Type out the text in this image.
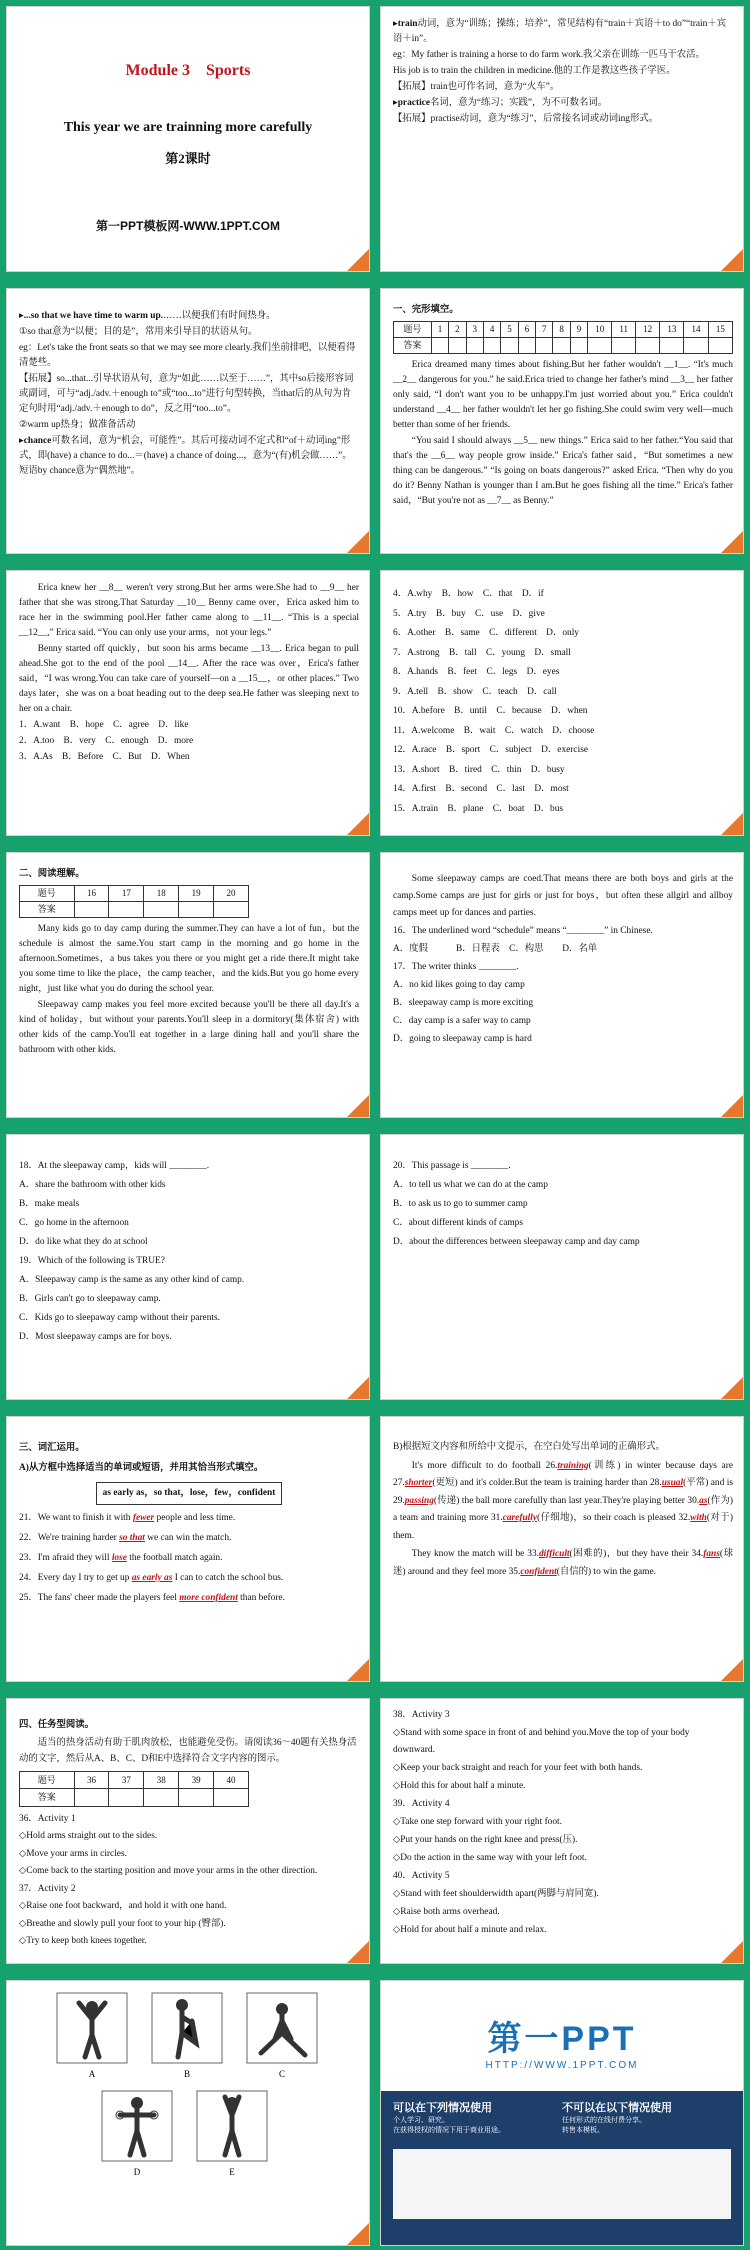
Module 3　Sports
This year we are trainning more carefully
第2课时
第一PPT模板网-WWW.1PPT.COM

▸train动词，意为“训练；操练；培养”，常见结构有“train＋宾语＋to do”“train＋宾语＋in”。

eg：My father is training a horse to do farm work.我父亲在训练一匹马干农活。

His job is to train the children in medicine.他的工作是教这些孩子学医。

【拓展】train也可作名词，意为“火车”。

▸practice名词，意为“练习；实践”，为不可数名词。

【拓展】practise动词，意为“练习”，后常接名词或动词ing形式。

▸...so that we have time to warm up.……以便我们有时间热身。

①so that意为“以便；目的是”，常用来引导目的状语从句。

eg：Let's take the front seats so that we may see more clearly.我们坐前排吧，以便看得清楚些。

【拓展】so...that...引导状语从句，意为“如此……以至于……”，其中so后接形容词或副词，可与“adj./adv.＋enough to”或“too...to”进行句型转换，当that后的从句为肯定句时用“adj./adv.＋enough to do”，反之用“too...to”。

②warm up热身；做准备活动

▸chance可数名词，意为“机会，可能性”。其后可接动词不定式和“of＋动词ing”形式，即(have) a chance to do...＝(have) a chance of doing...，意为“(有)机会做……”。短语by chance意为“偶然地”。

一、完形填空。

题号	1	2	3	4	5	6	7	8	9	10	11	12	13	14	15
答案															

Erica dreamed many times about fishing.But her father wouldn't __1__. “It's much __2__ dangerous for you.” he said.Erica tried to change her father's mind __3__ her father only said, “I don't want you to be unhappy.I'm just worried about you.” Erica couldn't understand __4__ her father wouldn't let her go fishing.She could swim very well—much better than some of her friends.

“You said I should always __5__ new things.” Erica said to her father.“You said that that's the __6__ way people grow inside.” Erica's father said，“But sometimes a new thing can be dangerous.” “Is going on boats dangerous?” asked Erica. “Then why do you do it? Benny Nathan is younger than I am.But he goes fishing all the time.” Erica's father said，“But you're not as __7__ as Benny.”

Erica knew her __8__ weren't very strong.But her arms were.She had to __9__ her father that she was strong.That Saturday __10__ Benny came over，Erica asked him to race her in the swimming pool.Her father came along to __11__. “This is a special __12__,” Erica said. “You can only use your arms，not your legs.”

Benny started off quickly，but soon his arms became __13__. Erica began to pull ahead.She got to the end of the pool __14__. After the race was over，Erica's father said，“I was wrong.You can take care of yourself—on a __15__，or other places.” Two days later，she was on a boat heading out to the deep sea.He father was sleeping next to her on a chair.

1．A.want　B．hope　C．agree　D．like

2．A.too　B．very　C．enough　D．more

3．A.As　B．Before　C．But　D．When

4．A.why　B．how　C．that　D．if

5．A.try　B．buy　C．use　D．give

6．A.other　B．same　C．different　D．only

7．A.strong　B．tall　C．young　D．small

8．A.hands　B．feet　C．legs　D．eyes

9．A.tell　B．show　C．teach　D．call

10．A.before　B．until　C．because　D．when

11．A.welcome　B．wait　C．watch　D．choose

12．A.race　B．sport　C．subject　D．exercise

13．A.short　B．tired　C．thin　D．busy

14．A.first　B．second　C．last　D．most

15．A.train　B．plane　C．boat　D．bus

二、阅读理解。

题号	16	17	18	19	20
答案					

Many kids go to day camp during the summer.They can have a lot of fun，but the schedule is almost the same.You start camp in the morning and go home in the afternoon.Sometimes，a bus takes you there or you might get a ride there.It might take you some time to like the place，the camp teacher，and the kids.But you go home every night，just like what you do during the school year.

Sleepaway camp makes you feel more excited because you'll be there all day.It's a kind of holiday，but without your parents.You'll sleep in a dormitory(集体宿舍) with other kids of the camp.You'll eat together in a large dining hall and you'll share the bathroom with other kids.

Some sleepaway camps are coed.That means there are both boys and girls at the camp.Some camps are just for girls or just for boys，but often these allgirl and allboy camps meet up for dances and parties.

16．The underlined word “schedule” means “________” in Chinese.

A．度假　　　B．日程表　C．构思　　D．名单

17．The writer thinks ________.

A．no kid likes going to day camp

B．sleepaway camp is more exciting

C．day camp is a safer way to camp

D．going to sleepaway camp is hard

18．At the sleepaway camp，kids will ________.

A．share the bathroom with other kids

B．make meals

C．go home in the afternoon

D．do like what they do at school

19．Which of the following is TRUE?

A．Sleepaway camp is the same as any other kind of camp.

B．Girls can't go to sleepaway camp.

C．Kids go to sleepaway camp without their parents.

D．Most sleepaway camps are for boys.

20．This passage is ________.

A．to tell us what we can do at the camp

B．to ask us to go to summer camp

C．about different kinds of camps

D．about the differences between sleepaway camp and day camp

三、词汇运用。

A)从方框中选择适当的单词或短语，并用其恰当形式填空。

as early as，so that，lose，few，confident

21．We want to finish it with fewer people and less time.

22．We're training harder so that we can win the match.

23．I'm afraid they will lose the football match again.

24．Every day I try to get up as early as I can to catch the school bus.

25．The fans' cheer made the players feel more confident than before.

B)根据短文内容和所给中文提示，在空白处写出单词的正确形式。

It's more difficult to do football 26.training(训练) in winter because days are 27.shorter(更短) and it's colder.But the team is training harder than 28.usual(平常) and is 29.passing(传递) the ball more carefully than last year.They're playing better 30.as(作为) a team and training more 31.carefully(仔细地)，so their coach is pleased 32.with(对于) them.

They know the match will be 33.difficult(困难的)，but they have their 34.fans(球迷) around and they feel more 35.confident(自信的) to win the game.

四、任务型阅读。

适当的热身活动有助于肌肉放松，也能避免受伤。请阅读36～40题有关热身活动的文字，然后从A、B、C、D和E中选择符合文字内容的图示。

题号	36	37	38	39	40
答案					

36．Activity 1

◇Hold arms straight out to the sides.

◇Move your arms in circles.

◇Come back to the starting position and move your arms in the other direction.

37．Activity 2

◇Raise one foot backward，and hold it with one hand.

◇Breathe and slowly pull your foot to your hip (臀部).

◇Try to keep both knees together.

38．Activity 3

◇Stand with some space in front of and behind you.Move the top of your body downward.

◇Keep your back straight and reach for your feet with both hands.

◇Hold this for about half a minute.

39．Activity 4

◇Take one step forward with your right foot.

◇Put your hands on the right knee and press(压).

◇Do the action in the same way with your left foot.

40．Activity 5

◇Stand with feet shoulderwidth apart(两脚与肩同宽).

◇Raise both arms overhead.

◇Hold for about half a minute and relax.

A	B	C
D	E
第一PPT
HTTP://WWW.1PPT.COM
可以在下列情况使用
个人学习、研究。
在获得授权的情况下用于商业用途。
不可以在以下情况使用
任何形式的在线付费分享。
转售本模板。
